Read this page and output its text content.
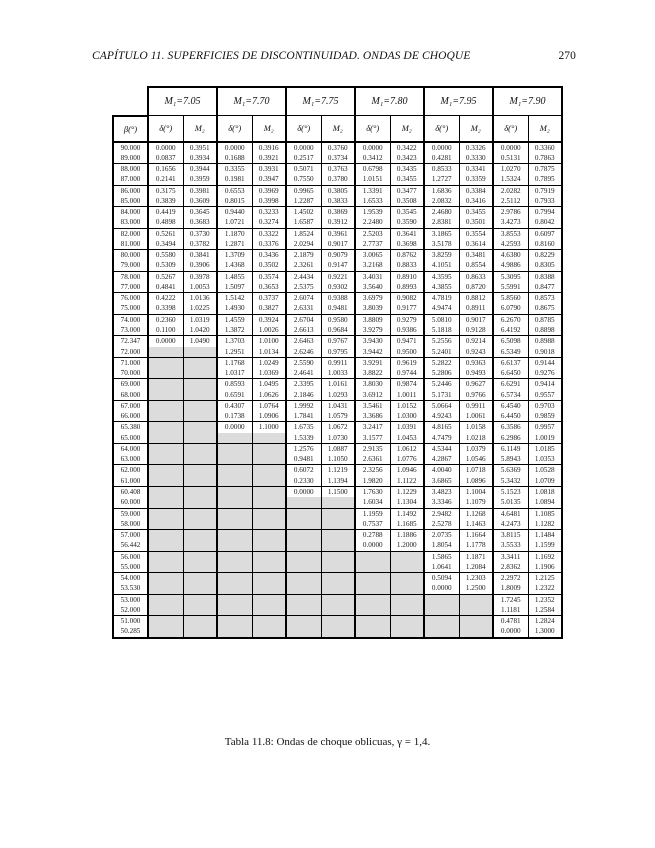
CAPÍTULO 11. SUPERFICIES DE DISCONTINUIDAD. ONDAS DE CHOQUE	270
	M₁=7.05		M₁=7.70		M₁=7.75		M₁=7.80		M₁=7.95		M₁=7.90	
β(°)	δ(°)	M₂	δ(°)	M₂	δ(°)	M₂	δ(°)	M₂	δ(°)	M₂	δ(°)	M₂
90.000	0.0000	0.3951	0.0000	0.3916	0.0000	0.3760	0.0000	0.3422	0.0000	0.3326	0.0000	0.3360
89.000	0.0837	0.3934	0.1688	0.3921	0.2517	0.3734	0.3412	0.3423	0.4281	0.3330	0.5131	0.7863
88.000	0.1656	0.3944	0.3355	0.3931	0.5071	0.3763	0.6798	0.3435	0.8533	0.3341	1.0270	0.7875
87.000	0.2141	0.3959	0.1981	0.3947	0.7550	0.3780	1.0151	0.3455	1.2727	0.3359	1.5324	0.7895
86.000	0.3175	0.3981	0.6553	0.3969	0.9965	0.3805	1.3391	0.3477	1.6836	0.3384	2.0282	0.7919
85.000	0.3839	0.3609	0.8015	0.3998	1.2287	0.3833	1.6533	0.3508	2.0832	0.3416	2.5112	0.7933
84.000	0.4419	0.3645	0.9440	0.3233	1.4502	0.3869	1.9539	0.3545	2.4680	0.3455	2.9786	0.7994
83.000	0.4898	0.3683	1.0721	0.3274	1.6587	0.3912	2.2480	0.3590	2.8381	0.3501	3.4273	0.8042
82.000	0.5261	0.3730	1.1870	0.3322	1.8524	0.3961	2.5203	0.3641	3.1865	0.3554	3.8553	0.6097
81.000	0.3494	0.3782	1.2871	0.3376	2.0294	0.9017	2.7737	0.3698	3.5178	0.3614	4.2593	0.8160
80.000	0.5580	0.3841	1.3709	0.3436	2.1879	0.9079	3.0065	0.8762	3.8259	0.3481	4.6380	0.8229
79.000	0.5309	0.3906	1.4368	0.3502	2.3261	0.9147	3.2168	0.8833	4.1051	0.8554	4.9886	0.8305
78.000	0.5267	0.3978	1.4855	0.3574	2.4434	0.9221	3.4031	0.8910	4.3595	0.8633	5.3095	0.8388
77.000	0.4841	1.0053	1.5097	0.3653	2.5375	0.9302	3.5640	0.8993	4.3855	0.8720	5.5991	0.8477
76.000	0.4222	1.0136	1.5142	0.3737	2.6074	0.9388	3.6979	0.9082	4.7819	0.8812	5.8560	0.8573
75.000	0.3398	1.0225	1.4930	0.3827	2.6331	0.9481	3.8039	0.9177	4.9474	0.8911	6.0790	0.8675
74.000	0.2360	1.0319	1.4559	0.3924	2.6704	0.9580	3.8809	0.9279	5.0810	0.9017	6.2670	0.8785
73.000	0.1100	1.0420	1.3872	1.0026	2.6613	0.9684	3.9279	0.9386	5.1818	0.9128	6.4192	0.8898
72.347	0.0000	1.0490	1.3703	1.0100	2.6463	0.9767	3.9430	0.9471	5.2556	0.9214	6.5098	0.8988
72.000			1.2951	1.0134	2.6246	0.9795	3.9442	0.9500	5.2401	0.9243	6.5349	0.9018
71.000			1.1768	1.0249	2.5590	0.9911	3.9291	0.9619	5.2822	0.9363	6.6137	0.9144
70.000			1.0317	1.0369	2.4641	1.0033	3.8822	0.9744	5.2806	0.9493	6.6450	0.9276
69.000			0.8593	1.0495	2.3395	1.0161	3.8030	0.9874	5.2446	0.9627	6.6291	0.9414
68.000			0.6591	1.0626	2.1846	1.0293	3.6912	1.0011	5.1731	0.9766	6.5734	0.9557
67.000			0.4307	1.0764	1.9992	1.0431	3.5461	1.0152	5.0664	0.9911	6.4540	0.9703
66.000			0.1738	1.0906	1.7841	1.0579	3.3686	1.0300	4.9243	1.0061	6.4450	0.9859
65.380			0.0000	1.1000	1.6735	1.0672	3.2417	1.0391	4.8165	1.0158	6.3586	0.9957
65.000					1.5339	1.0730	3.1577	1.0453	4.7479	1.0218	6.2986	1.0019
64.000					1.2576	1.0887	2.9135	1.0612	4.5344	1.0379	6.1149	1.0185
63.000					0.9481	1.1050	2.6361	1.0776	4.2867	1.0546	5.8943	1.0353
62.000					0.6072	1.1219	2.3256	1.0946	4.0040	1.0718	5.6369	1.0528
61.000					0.2330	1.1394	1.9820	1.1122	3.6865	1.0896	5.3432	1.0709
60.408					0.0000	1.1500	1.7630	1.1229	3.4823	1.1004	5.1523	1.0818
60.000							1.6034	1.1304	3.3346	1.1079	5.0135	1.0894
59.000							1.1959	1.1492	2.9482	1.1268	4.6481	1.1085
58.000							0.7537	1.1685	2.5278	1.1463	4.2473	1.1282
57.000							0.2788	1.1886	2.0735	1.1664	3.8115	1.1484
56.442							0.0000	1.2000	1.8054	1.1778	3.5533	1.1599
56.000									1.5865	1.1871	3.3411	1.1692
55.000									1.0641	1.2084	2.8362	1.1906
54.000									0.5094	1.2303	2.2972	1.2125
53.530									0.0000	1.2500	1.8009	1.2322
53.000											1.7245	1.2352
52.000											1.1181	1.2584
51.000											0.4781	1.2824
50.285											0.0000	1.3000
Tabla 11.8: Ondas de choque oblicuas, γ = 1,4.
